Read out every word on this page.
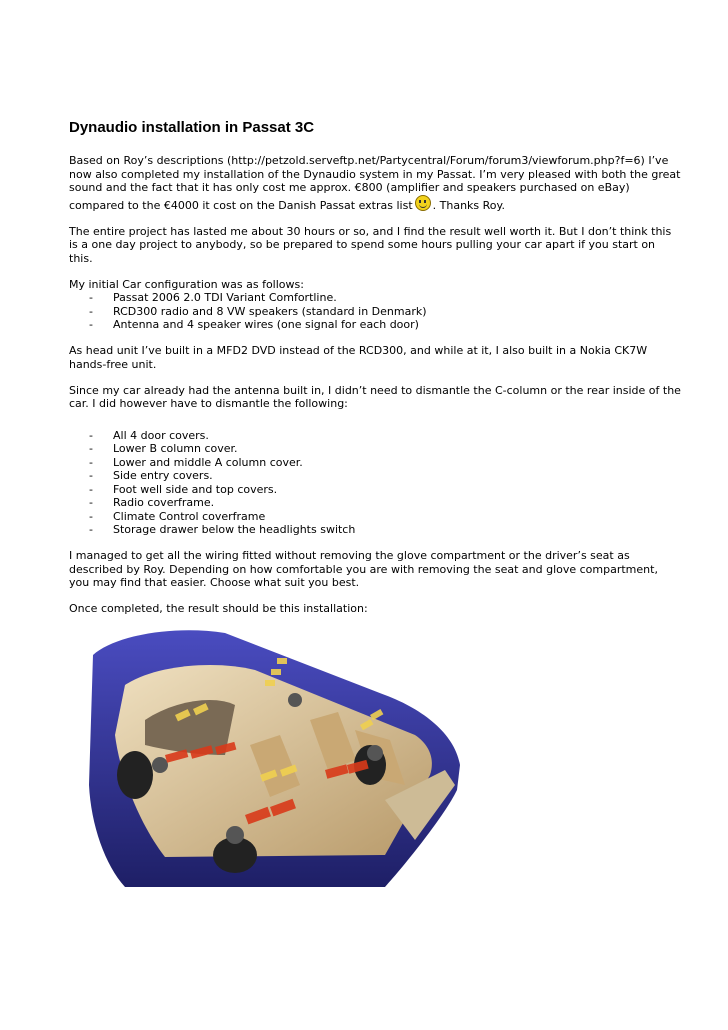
Dynaudio installation in Passat 3C

Based on Roy’s descriptions (http://petzold.serveftp.net/Partycentral/Forum/forum3/viewforum.php?f=6) I’ve now also completed my installation of the Dynaudio system in my Passat. I’m very pleased with both the great sound and the fact that it has only cost me approx. €800 (amplifier and speakers purchased on eBay) compared to the €4000 it cost on the Danish Passat extras list . Thanks Roy.

The entire project has lasted me about 30 hours or so, and I find the result well worth it. But I don’t think this is a one day project to anybody, so be prepared to spend some hours pulling your car apart if you start on this.

My initial Car configuration was as follows:

- Passat 2006 2.0 TDI Variant Comfortline.
- RCD300 radio and 8 VW speakers (standard in Denmark)
- Antenna and 4 speaker wires (one signal for each door)

As head unit I’ve built in a MFD2 DVD instead of the RCD300, and while at it, I also built in a Nokia CK7W hands-free unit.

Since my car already had the antenna built in, I didn’t need to dismantle the C-column or the rear inside of the car. I did however have to dismantle the following:

- All 4 door covers.
- Lower B column cover.
- Lower and middle A column cover.
- Side entry covers.
- Foot well side and top covers.
- Radio coverframe.
- Climate Control coverframe
- Storage drawer below the headlights switch

I managed to get all the wiring fitted without removing the glove compartment or the driver’s seat as described by Roy. Depending on how comfortable you are with removing the seat and glove compartment, you may find that easier. Choose what suit you best.

Once completed, the result should be this installation:
